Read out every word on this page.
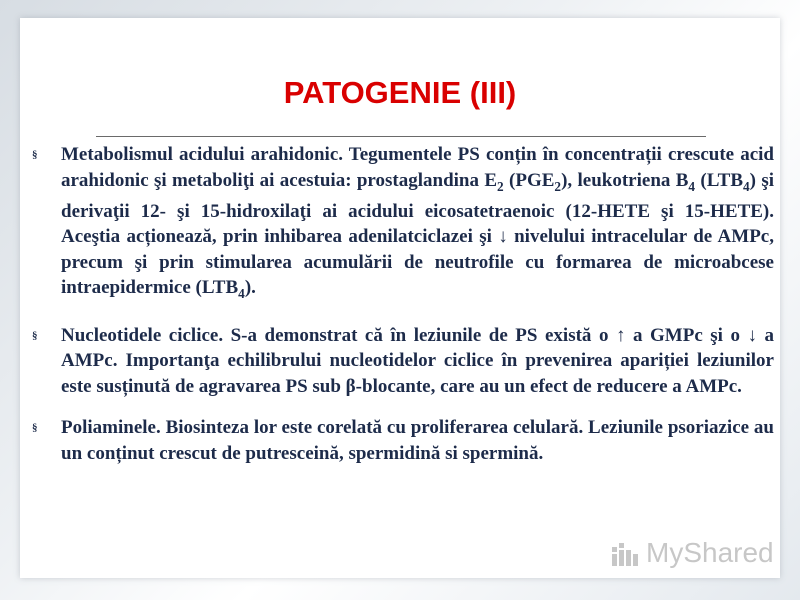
PATOGENIE (III)
§ Metabolismul acidului arahidonic. Tegumentele PS conțin în concentrații crescute acid arahidonic şi metaboliţi ai acestuia: prostaglandina $E_2$ $(PGE_2)$, leukotriena $B_4$ $(LTB_4)$ şi derivaţii 12- şi 15-hidroxilaţi ai acidului eicosatetraenoic (12-HETE şi 15-HETE). Aceştia acționează, prin inhibarea adenilatciclazei şi ↓ nivelului intracelular de AMPc, precum şi prin stimularea acumulării de neutrofile cu formarea de microabcese intraepidermice $(LTB_4)$.
§ Nucleotidele ciclice. S-a demonstrat că în leziunile de PS există o ↑ a GMPc şi o ↓ a AMPc. Importanţa echilibrului nucleotidelor ciclice în prevenirea apariției leziunilor este susținută de agravarea PS sub β-blocante, care au un efect de reducere a AMPc.
§ Poliaminele. Biosinteza lor este corelată cu proliferarea celulară. Leziunile psoriazice au un conținut crescut de putresceină, spermidină si spermină.
MyShared
